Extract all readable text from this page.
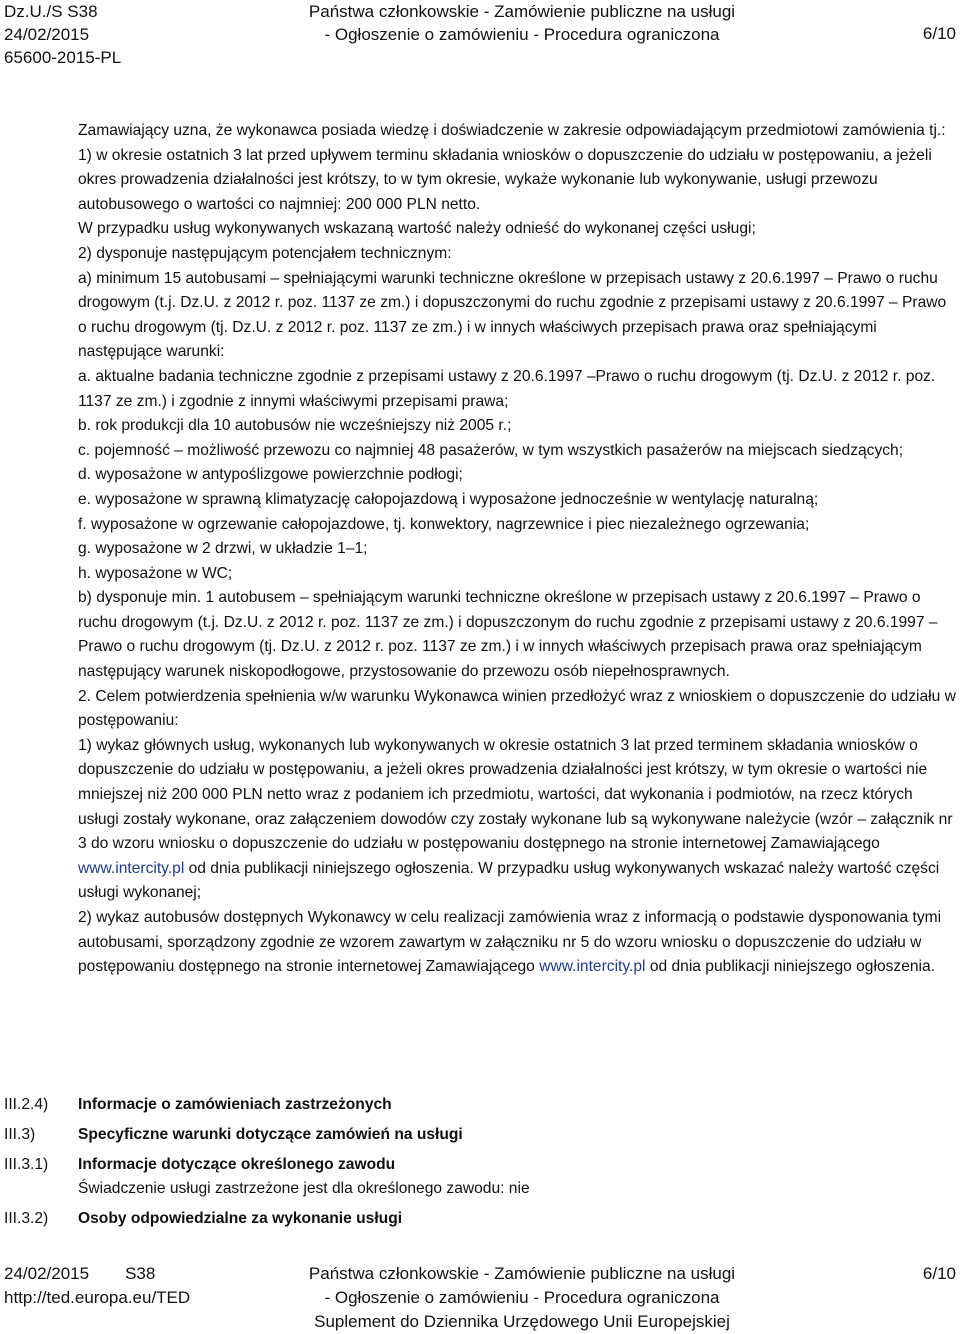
Dz.U./S S38
24/02/2015
65600-2015-PL
Państwa członkowskie - Zamówienie publiczne na usługi
- Ogłoszenie o zamówieniu - Procedura ograniczona	6/10

Zamawiający uzna, że wykonawca posiada wiedzę i doświadczenie w zakresie odpowiadającym przedmiotowi zamówienia tj.:

1) w okresie ostatnich 3 lat przed upływem terminu składania wniosków o dopuszczenie do udziału w postępowaniu, a jeżeli okres prowadzenia działalności jest krótszy, to w tym okresie, wykaże wykonanie lub wykonywanie, usługi przewozu autobusowego o wartości co najmniej: 200 000 PLN netto.

W przypadku usług wykonywanych wskazaną wartość należy odnieść do wykonanej części usługi;

2) dysponuje następującym potencjałem technicznym:

a) minimum 15 autobusami – spełniającymi warunki techniczne określone w przepisach ustawy z 20.6.1997 – Prawo o ruchu drogowym (t.j. Dz.U. z 2012 r. poz. 1137 ze zm.) i dopuszczonymi do ruchu zgodnie z przepisami ustawy z 20.6.1997 – Prawo o ruchu drogowym (tj. Dz.U. z 2012 r. poz. 1137 ze zm.) i w innych właściwych przepisach prawa oraz spełniającymi następujące warunki:

a. aktualne badania techniczne zgodnie z przepisami ustawy z 20.6.1997 –Prawo o ruchu drogowym (tj. Dz.U. z 2012 r. poz. 1137 ze zm.) i zgodnie z innymi właściwymi przepisami prawa;

b. rok produkcji dla 10 autobusów nie wcześniejszy niż 2005 r.;

c. pojemność – możliwość przewozu co najmniej 48 pasażerów, w tym wszystkich pasażerów na miejscach siedzących;

d. wyposażone w antypoślizgowe powierzchnie podłogi;

e. wyposażone w sprawną klimatyzację całopojazdową i wyposażone jednocześnie w wentylację naturalną;

f. wyposażone w ogrzewanie całopojazdowe, tj. konwektory, nagrzewnice i piec niezależnego ogrzewania;

g. wyposażone w 2 drzwi, w układzie 1–1;

h. wyposażone w WC;

b) dysponuje min. 1 autobusem – spełniającym warunki techniczne określone w przepisach ustawy z 20.6.1997 – Prawo o ruchu drogowym (t.j. Dz.U. z 2012 r. poz. 1137 ze zm.) i dopuszczonym do ruchu zgodnie z przepisami ustawy z 20.6.1997 – Prawo o ruchu drogowym (tj. Dz.U. z 2012 r. poz. 1137 ze zm.) i w innych właściwych przepisach prawa oraz spełniającym następujący warunek niskopodłogowe, przystosowanie do przewozu osób niepełnosprawnych.

2. Celem potwierdzenia spełnienia w/w warunku Wykonawca winien przedłożyć wraz z wnioskiem o dopuszczenie do udziału w postępowaniu:

1) wykaz głównych usług, wykonanych lub wykonywanych w okresie ostatnich 3 lat przed terminem składania wniosków o dopuszczenie do udziału w postępowaniu, a jeżeli okres prowadzenia działalności jest krótszy, w tym okresie o wartości nie mniejszej niż 200 000 PLN netto wraz z podaniem ich przedmiotu, wartości, dat wykonania i podmiotów, na rzecz których usługi zostały wykonane, oraz załączeniem dowodów czy zostały wykonane lub są wykonywane należycie (wzór – załącznik nr 3 do wzoru wniosku o dopuszczenie do udziału w postępowaniu dostępnego na stronie internetowej Zamawiającego www.intercity.pl od dnia publikacji niniejszego ogłoszenia. W przypadku usług wykonywanych wskazać należy wartość części usługi wykonanej;

2) wykaz autobusów dostępnych Wykonawcy w celu realizacji zamówienia wraz z informacją o podstawie dysponowania tymi autobusami, sporządzony zgodnie ze wzorem zawartym w załączniku nr 5 do wzoru wniosku o dopuszczenie do udziału w postępowaniu dostępnego na stronie internetowej Zamawiającego www.intercity.pl od dnia publikacji niniejszego ogłoszenia.

III.2.4)	Informacje o zamówieniach zastrzeżonych
III.3)	Specyficzne warunki dotyczące zamówień na usługi
III.3.1)	Informacje dotyczące określonego zawodu
Świadczenie usługi zastrzeżone jest dla określonego zawodu: nie
III.3.2)	Osoby odpowiedzialne za wykonanie usługi
24/02/2015 S38
http://ted.europa.eu/TED
Państwa członkowskie - Zamówienie publiczne na usługi
- Ogłoszenie o zamówieniu - Procedura ograniczona
Suplement do Dziennika Urzędowego Unii Europejskiej
6/10
